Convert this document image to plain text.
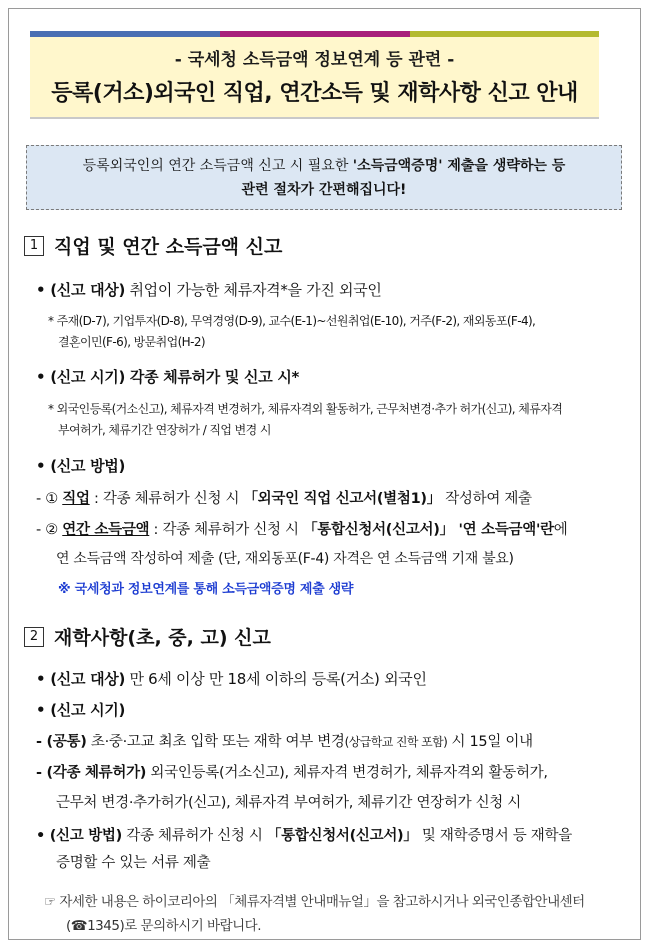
- 국세청 소득금액 정보연계 등 관련 -
등록(거소)외국인 직업, 연간소득 및 재학사항 신고 안내
등록외국인의 연간 소득금액 신고 시 필요한 '소득금액증명' 제출을 생략하는 등
관련 절차가 간편해집니다!
1 직업 및 연간 소득금액 신고
• (신고 대상) 취업이 가능한 체류자격*을 가진 외국인
* 주재(D-7), 기업투자(D-8), 무역경영(D-9), 교수(E-1)~선원취업(E-10), 거주(F-2), 재외동포(F-4),
결혼이민(F-6), 방문취업(H-2)
• (신고 시기) 각종 체류허가 및 신고 시*
* 외국인등록(거소신고), 체류자격 변경허가, 체류자격외 활동허가, 근무처변경·추가 허가(신고), 체류자격
부여허가, 체류기간 연장허가 / 직업 변경 시
• (신고 방법)
- ① 직업 : 각종 체류허가 신청 시 「외국인 직업 신고서(별첨1)」 작성하여 제출
- ② 연간 소득금액 : 각종 체류허가 신청 시 「통합신청서(신고서)」 '연 소득금액'란에
연 소득금액 작성하여 제출 (단, 재외동포(F-4) 자격은 연 소득금액 기재 불요)
※ 국세청과 정보연계를 통해 소득금액증명 제출 생략
2 재학사항(초, 중, 고) 신고
• (신고 대상) 만 6세 이상 만 18세 이하의 등록(거소) 외국인
• (신고 시기)
- (공통) 초·중·고교 최초 입학 또는 재학 여부 변경(상급학교 진학 포함) 시 15일 이내
- (각종 체류허가) 외국인등록(거소신고), 체류자격 변경허가, 체류자격외 활동허가,
근무처 변경·추가허가(신고), 체류자격 부여허가, 체류기간 연장허가 신청 시
• (신고 방법) 각종 체류허가 신청 시 「통합신청서(신고서)」 및 재학증명서 등 재학을
증명할 수 있는 서류 제출
☞ 자세한 내용은 하이코리아의 「체류자격별 안내매뉴얼」을 참고하시거나 외국인종합안내센터
(☎1345)로 문의하시기 바랍니다.
